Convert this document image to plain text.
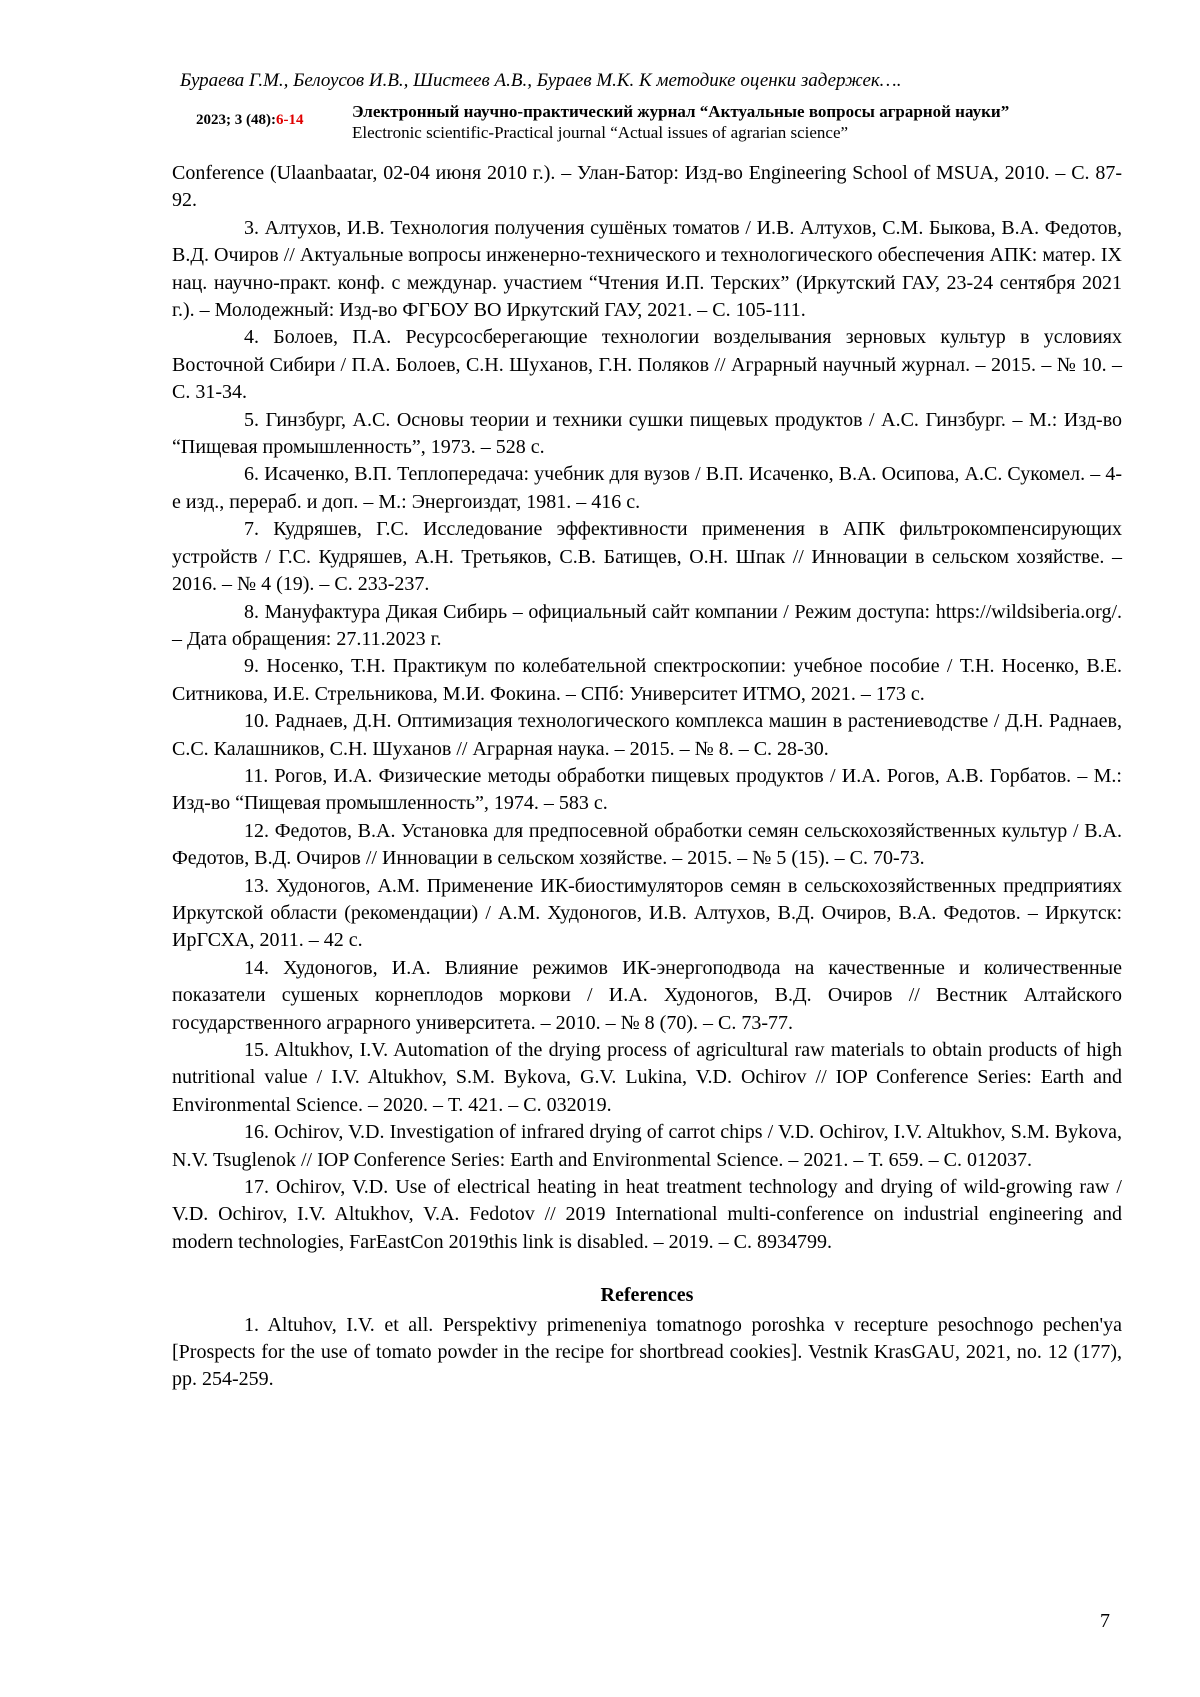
Бураева Г.М., Белоусов И.В., Шистеев А.В., Бураев М.К. К методике оценки задержек….
2023; 3 (48):6-14	Электронный научно-практический журнал “Актуальные вопросы аграрной науки”
Electronic scientific-Practical journal “Actual issues of agrarian science”

Conference (Ulaanbaatar, 02-04 июня 2010 г.). – Улан-Батор: Изд-во Engineering School of MSUA, 2010. – С. 87-92.

3. Алтухов, И.В. Технология получения сушёных томатов / И.В. Алтухов, С.М. Быкова, В.А. Федотов, В.Д. Очиров // Актуальные вопросы инженерно-технического и технологического обеспечения АПК: матер. IX нац. научно-практ. конф. с междунар. участием “Чтения И.П. Терских” (Иркутский ГАУ, 23-24 сентября 2021 г.). – Молодежный: Изд-во ФГБОУ ВО Иркутский ГАУ, 2021. – С. 105-111.

4. Болоев, П.А. Ресурсосберегающие технологии возделывания зерновых культур в условиях Восточной Сибири / П.А. Болоев, С.Н. Шуханов, Г.Н. Поляков // Аграрный научный журнал. – 2015. – № 10. – С. 31-34.

5. Гинзбург, А.С. Основы теории и техники сушки пищевых продуктов / А.С. Гинзбург. – М.: Изд-во “Пищевая промышленность”, 1973. – 528 с.

6. Исаченко, В.П. Теплопередача: учебник для вузов / В.П. Исаченко, В.А. Осипова, А.С. Сукомел. – 4-е изд., перераб. и доп. – М.: Энергоиздат, 1981. – 416 с.

7. Кудряшев, Г.С. Исследование эффективности применения в АПК фильтрокомпенсирующих устройств / Г.С. Кудряшев, А.Н. Третьяков, С.В. Батищев, О.Н. Шпак // Инновации в сельском хозяйстве. – 2016. – № 4 (19). – С. 233-237.

8. Мануфактура Дикая Сибирь – официальный сайт компании / Режим доступа: https://wildsiberia.org/. – Дата обращения: 27.11.2023 г.

9. Носенко, Т.Н. Практикум по колебательной спектроскопии: учебное пособие / Т.Н. Носенко, В.Е. Ситникова, И.Е. Стрельникова, М.И. Фокина. – СПб: Университет ИТМО, 2021. – 173 с.

10. Раднаев, Д.Н. Оптимизация технологического комплекса машин в растениеводстве / Д.Н. Раднаев, С.С. Калашников, С.Н. Шуханов // Аграрная наука. – 2015. – № 8. – С. 28-30.

11. Рогов, И.А. Физические методы обработки пищевых продуктов / И.А. Рогов, А.В. Горбатов. – М.: Изд-во “Пищевая промышленность”, 1974. – 583 с.

12. Федотов, В.А. Установка для предпосевной обработки семян сельскохозяйственных культур / В.А. Федотов, В.Д. Очиров // Инновации в сельском хозяйстве. – 2015. – № 5 (15). – С. 70-73.

13. Худоногов, А.М. Применение ИК-биостимуляторов семян в сельскохозяйственных предприятиях Иркутской области (рекомендации) / А.М. Худоногов, И.В. Алтухов, В.Д. Очиров, В.А. Федотов. – Иркутск: ИрГСХА, 2011. – 42 с.

14. Худоногов, И.А. Влияние режимов ИК-энергоподвода на качественные и количественные показатели сушеных корнеплодов моркови / И.А. Худоногов, В.Д. Очиров // Вестник Алтайского государственного аграрного университета. – 2010. – № 8 (70). – С. 73-77.

15. Altukhov, I.V. Automation of the drying process of agricultural raw materials to obtain products of high nutritional value / I.V. Altukhov, S.M. Bykova, G.V. Lukina, V.D. Ochirov // IOP Conference Series: Earth and Environmental Science. – 2020. – Т. 421. – С. 032019.

16. Ochirov, V.D. Investigation of infrared drying of carrot chips / V.D. Ochirov, I.V. Altukhov, S.M. Bykova, N.V. Tsuglenok // IOP Conference Series: Earth and Environmental Science. – 2021. – Т. 659. – С. 012037.

17. Ochirov, V.D. Use of electrical heating in heat treatment technology and drying of wild-growing raw / V.D. Ochirov, I.V. Altukhov, V.A. Fedotov // 2019 International multi-conference on industrial engineering and modern technologies, FarEastCon 2019this link is disabled. – 2019. – С. 8934799.

References

1. Altuhov, I.V. et all. Perspektivy primeneniya tomatnogo poroshka v recepture pesochnogo pechen'ya [Prospects for the use of tomato powder in the recipe for shortbread cookies]. Vestnik KrasGAU, 2021, no. 12 (177), pp. 254-259.

7
